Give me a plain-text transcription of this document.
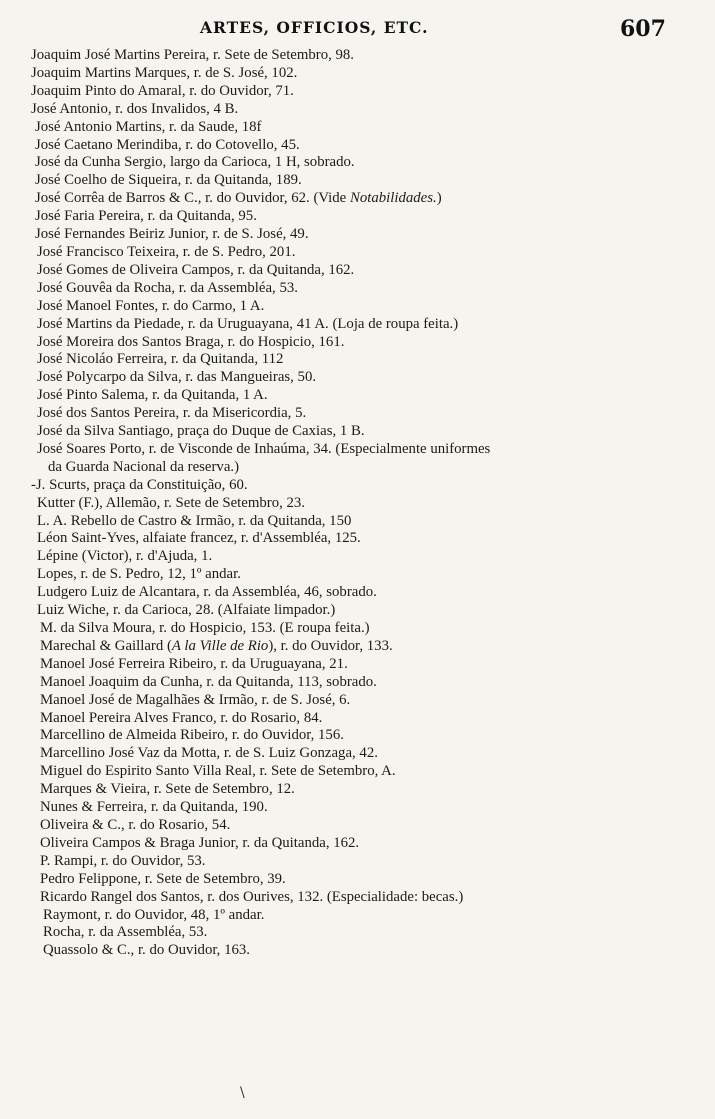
ARTES, OFFICIOS, ETC.	607
Joaquim José Martins Pereira, r. Sete de Setembro, 98.
Joaquim Martins Marques, r. de S. José, 102.
Joaquim Pinto do Amaral, r. do Ouvidor, 71.
José Antonio, r. dos Invalidos, 4 B.
José Antonio Martins, r. da Saude, 18f
José Caetano Merindiba, r. do Cotovello, 45.
José da Cunha Sergio, largo da Carioca, 1 H, sobrado.
José Coelho de Siqueira, r. da Quitanda, 189.
José Corrêa de Barros & C., r. do Ouvidor, 62. (Vide Notabilidades.)
José Faria Pereira, r. da Quitanda, 95.
José Fernandes Beiriz Junior, r. de S. José, 49.
José Francisco Teixeira, r. de S. Pedro, 201.
José Gomes de Oliveira Campos, r. da Quitanda, 162.
José Gouvêa da Rocha, r. da Assembléa, 53.
José Manoel Fontes, r. do Carmo, 1 A.
José Martins da Piedade, r. da Uruguayana, 41 A. (Loja de roupa feita.)
José Moreira dos Santos Braga, r. do Hospicio, 161.
José Nicoláo Ferreira, r. da Quitanda, 112
José Polycarpo da Silva, r. das Mangueiras, 50.
José Pinto Salema, r. da Quitanda, 1 A.
José dos Santos Pereira, r. da Misericordia, 5.
José da Silva Santiago, praça do Duque de Caxias, 1 B.
José Soares Porto, r. de Visconde de Inhaúma, 34. (Especialmente uniformes
da Guarda Nacional da reserva.)
-J. Scurts, praça da Constituição, 60.
Kutter (F.), Allemão, r. Sete de Setembro, 23.
L. A. Rebello de Castro & Irmão, r. da Quitanda, 150
Léon Saint-Yves, alfaiate francez, r. d'Assembléa, 125.
Lépine (Victor), r. d'Ajuda, 1.
Lopes, r. de S. Pedro, 12, 1º andar.
Ludgero Luiz de Alcantara, r. da Assembléa, 46, sobrado.
Luiz Wiche, r. da Carioca, 28. (Alfaiate limpador.)
M. da Silva Moura, r. do Hospicio, 153. (E roupa feita.)
Marechal & Gaillard (A la Ville de Rio), r. do Ouvidor, 133.
Manoel José Ferreira Ribeiro, r. da Uruguayana, 21.
Manoel Joaquim da Cunha, r. da Quitanda, 113, sobrado.
Manoel José de Magalhães & Irmão, r. de S. José, 6.
Manoel Pereira Alves Franco, r. do Rosario, 84.
Marcellino de Almeida Ribeiro, r. do Ouvidor, 156.
Marcellino José Vaz da Motta, r. de S. Luiz Gonzaga, 42.
Miguel do Espirito Santo Villa Real, r. Sete de Setembro, A.
Marques & Vieira, r. Sete de Setembro, 12.
Nunes & Ferreira, r. da Quitanda, 190.
Oliveira & C., r. do Rosario, 54.
Oliveira Campos & Braga Junior, r. da Quitanda, 162.
P. Rampi, r. do Ouvidor, 53.
Pedro Felippone, r. Sete de Setembro, 39.
Ricardo Rangel dos Santos, r. dos Ourives, 132. (Especialidade: becas.)
Raymont, r. do Ouvidor, 48, 1º andar.
Rocha, r. da Assembléa, 53.
Quassolo & C., r. do Ouvidor, 163.
\
